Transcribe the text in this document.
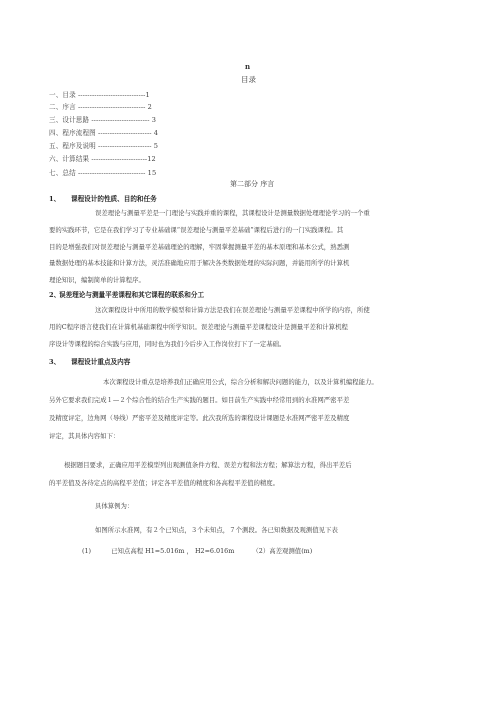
n
目录
一、目录 -----------------------------1
二、序言 ----------------------------- 2
三、设计思路 ------------------------- 3
四、程序流程图 ----------------------- 4
五、程序及说明 ----------------------- 5
六、计算结果 ------------------------12
七、总结 ----------------------------- 15
第二部分 序言
1、 课程设计的性质、目的和任务
误差理论与测量平差是一门理论与实践并重的课程，其课程设计是测量数据处理理论学习的一个重
要的实践环节，它是在我们学习了专业基础课“误差理论与测量平差基础”课程后进行的一门实践课程。其
目的是增强我们对误差理论与测量平差基础理论的理解，牢固掌握测量平差的基本原理和基本公式，熟悉测
量数据处理的基本技能和计算方法，灵活准确地应用于解决各类数据处理的实际问题，并能用所学的计算机
理论知识，编制简单的计算程序。
2、误差理论与测量平差课程和其它课程的联系和分工
这次课程设计中所用的数学模型和计算方法是我们在误差理论与测量平差课程中所学的内容，所使
用的C程序语言使我们在计算机基础课程中所学知识。误差理论与测量平差课程设计是测量平差和计算机程
序设计等课程的综合实践与应用，同时也为我们今后步入工作岗位打下了一定基础。
3、 课程设计重点及内容
本次课程设计重点是培养我们正确应用公式，综合分析和解决问题的能力，以及计算机编程能力。
另外它要求我们完成１—２个综合性的结合生产实践的题目。如目前生产实践中经常用到的水准网严密平差
及精度评定，边角网（导线）严密平差及精度评定等。此次我所选的课程设计课题是水准网严密平差及精度
评定，其具体内容如下：
根据题目要求，正确应用平差模型列出观测值条件方程、误差方程和法方程；解算法方程，得出平差后
的平差值及各待定点的高程平差值；评定各平差值的精度和各高程平差值的精度。
具体算例为：
如图所示水准网，有２个已知点，３个未知点，７个测段。各已知数据及观测值见下表
(1)	已知点高程 H1=5.016m ， H2=6.016m	（2）高差观测值(m)
